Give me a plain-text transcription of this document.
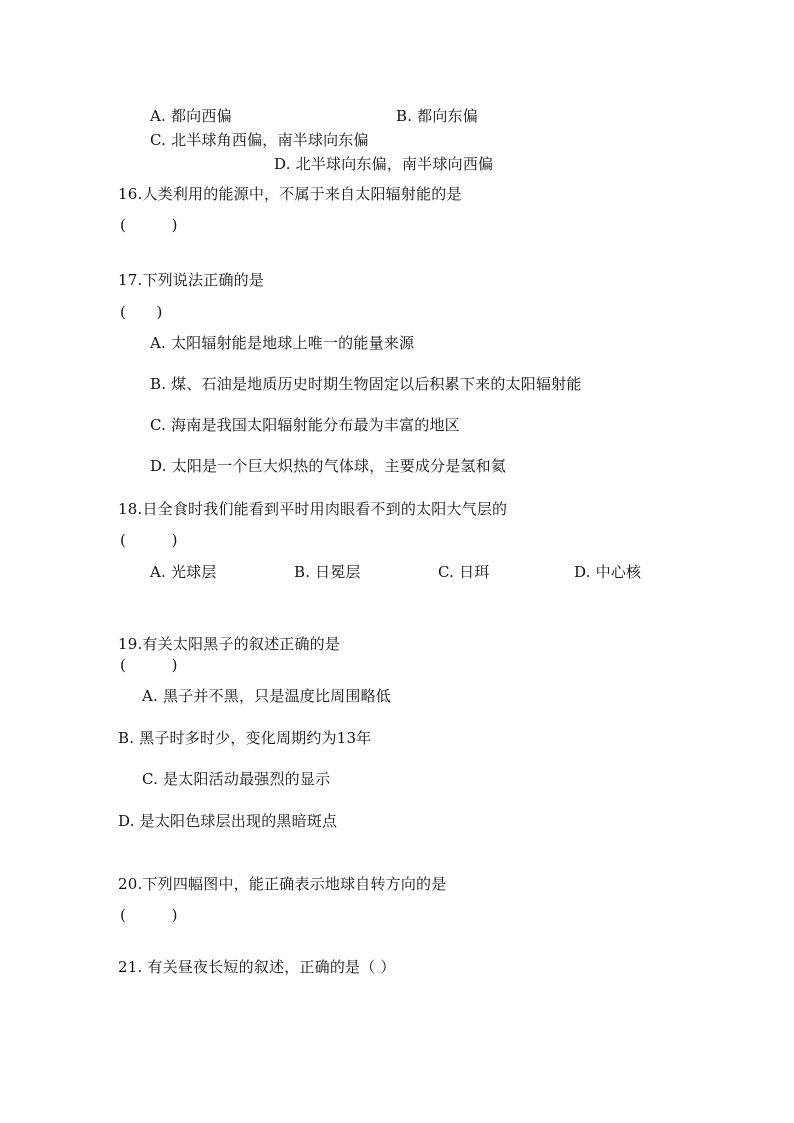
A. 都向西偏	B. 都向东偏
C. 北半球角西偏，南半球向东偏
D. 北半球向东偏，南半球向西偏
16.人类利用的能源中，不属于来自太阳辐射能的是
(　　　)
17.下列说法正确的是
(　　)
A. 太阳辐射能是地球上唯一的能量来源
B. 煤、石油是地质历史时期生物固定以后积累下来的太阳辐射能
C. 海南是我国太阳辐射能分布最为丰富的地区
D. 太阳是一个巨大炽热的气体球，主要成分是氢和氦
18.日全食时我们能看到平时用肉眼看不到的太阳大气层的
(　　　)
A. 光球层	B. 日冕层	C. 日珥	D. 中心核
19.有关太阳黑子的叙述正确的是
(　　　)
A. 黑子并不黑，只是温度比周围略低
B. 黑子时多时少，变化周期约为13年
C. 是太阳活动最强烈的显示
D. 是太阳色球层出现的黑暗斑点
20.下列四幅图中，能正确表示地球自转方向的是
(　　　)
21. 有关昼夜长短的叙述，正确的是（ ）
